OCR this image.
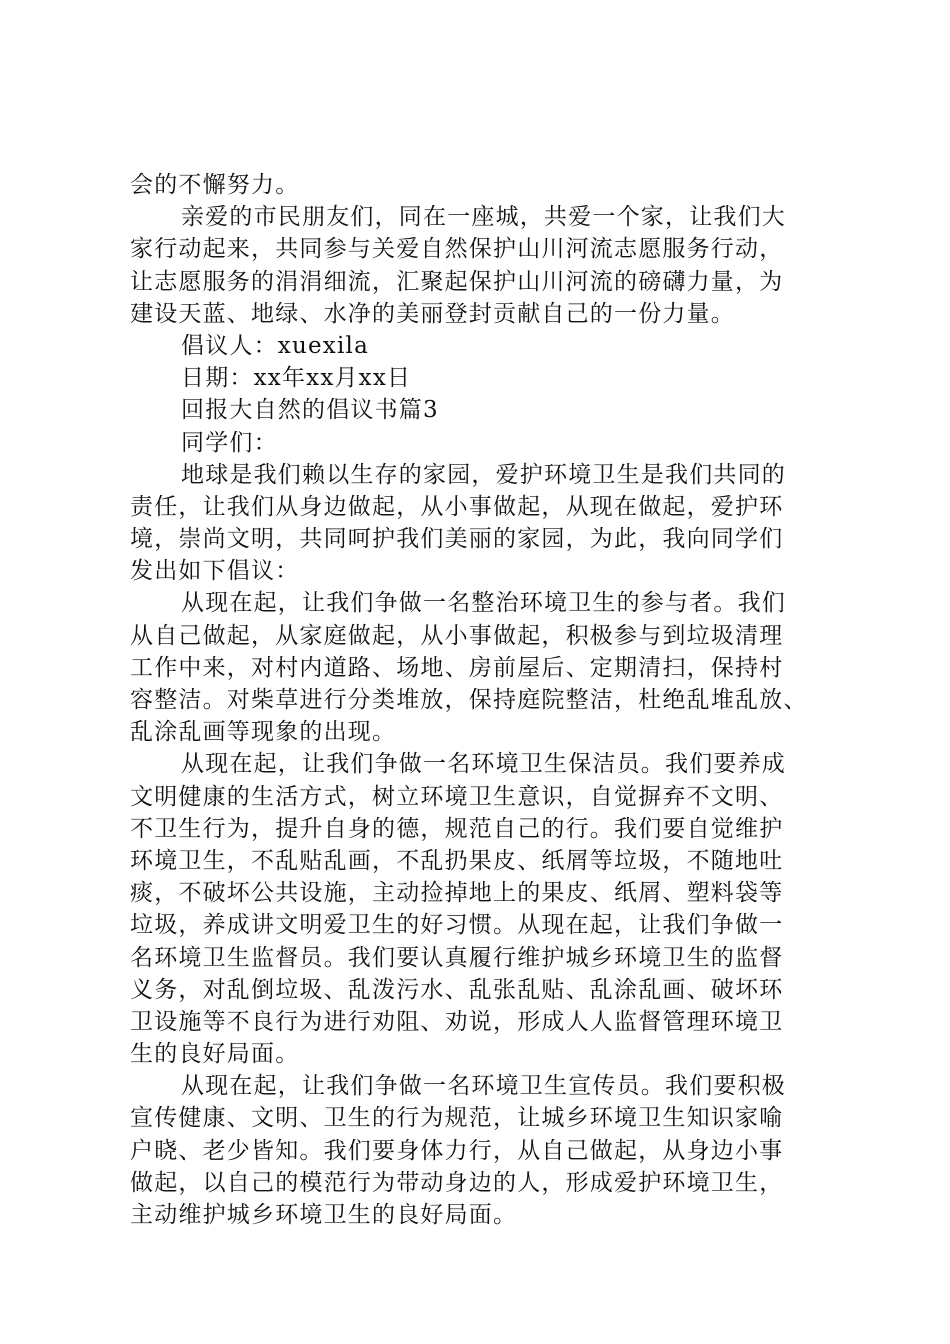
会的不懈努力。
亲爱的市民朋友们，同在一座城，共爱一个家，让我们大
家行动起来，共同参与关爱自然保护山川河流志愿服务行动，
让志愿服务的涓涓细流，汇聚起保护山川河流的磅礴力量，为
建设天蓝、地绿、水净的美丽登封贡献自己的一份力量。
倡议人：xuexila
日期：xx年xx月xx日
回报大自然的倡议书篇3
同学们：
地球是我们赖以生存的家园，爱护环境卫生是我们共同的
责任，让我们从身边做起，从小事做起，从现在做起，爱护环
境，崇尚文明，共同呵护我们美丽的家园，为此，我向同学们
发出如下倡议：
从现在起，让我们争做一名整治环境卫生的参与者。我们
从自己做起，从家庭做起，从小事做起，积极参与到垃圾清理
工作中来，对村内道路、场地、房前屋后、定期清扫，保持村
容整洁。对柴草进行分类堆放，保持庭院整洁，杜绝乱堆乱放、
乱涂乱画等现象的出现。
从现在起，让我们争做一名环境卫生保洁员。我们要养成
文明健康的生活方式，树立环境卫生意识，自觉摒弃不文明、
不卫生行为，提升自身的德，规范自己的行。我们要自觉维护
环境卫生，不乱贴乱画，不乱扔果皮、纸屑等垃圾，不随地吐
痰，不破坏公共设施，主动捡掉地上的果皮、纸屑、塑料袋等
垃圾，养成讲文明爱卫生的好习惯。从现在起，让我们争做一
名环境卫生监督员。我们要认真履行维护城乡环境卫生的监督
义务，对乱倒垃圾、乱泼污水、乱张乱贴、乱涂乱画、破坏环
卫设施等不良行为进行劝阻、劝说，形成人人监督管理环境卫
生的良好局面。
从现在起，让我们争做一名环境卫生宣传员。我们要积极
宣传健康、文明、卫生的行为规范，让城乡环境卫生知识家喻
户晓、老少皆知。我们要身体力行，从自己做起，从身边小事
做起，以自己的模范行为带动身边的人，形成爱护环境卫生，
主动维护城乡环境卫生的良好局面。
